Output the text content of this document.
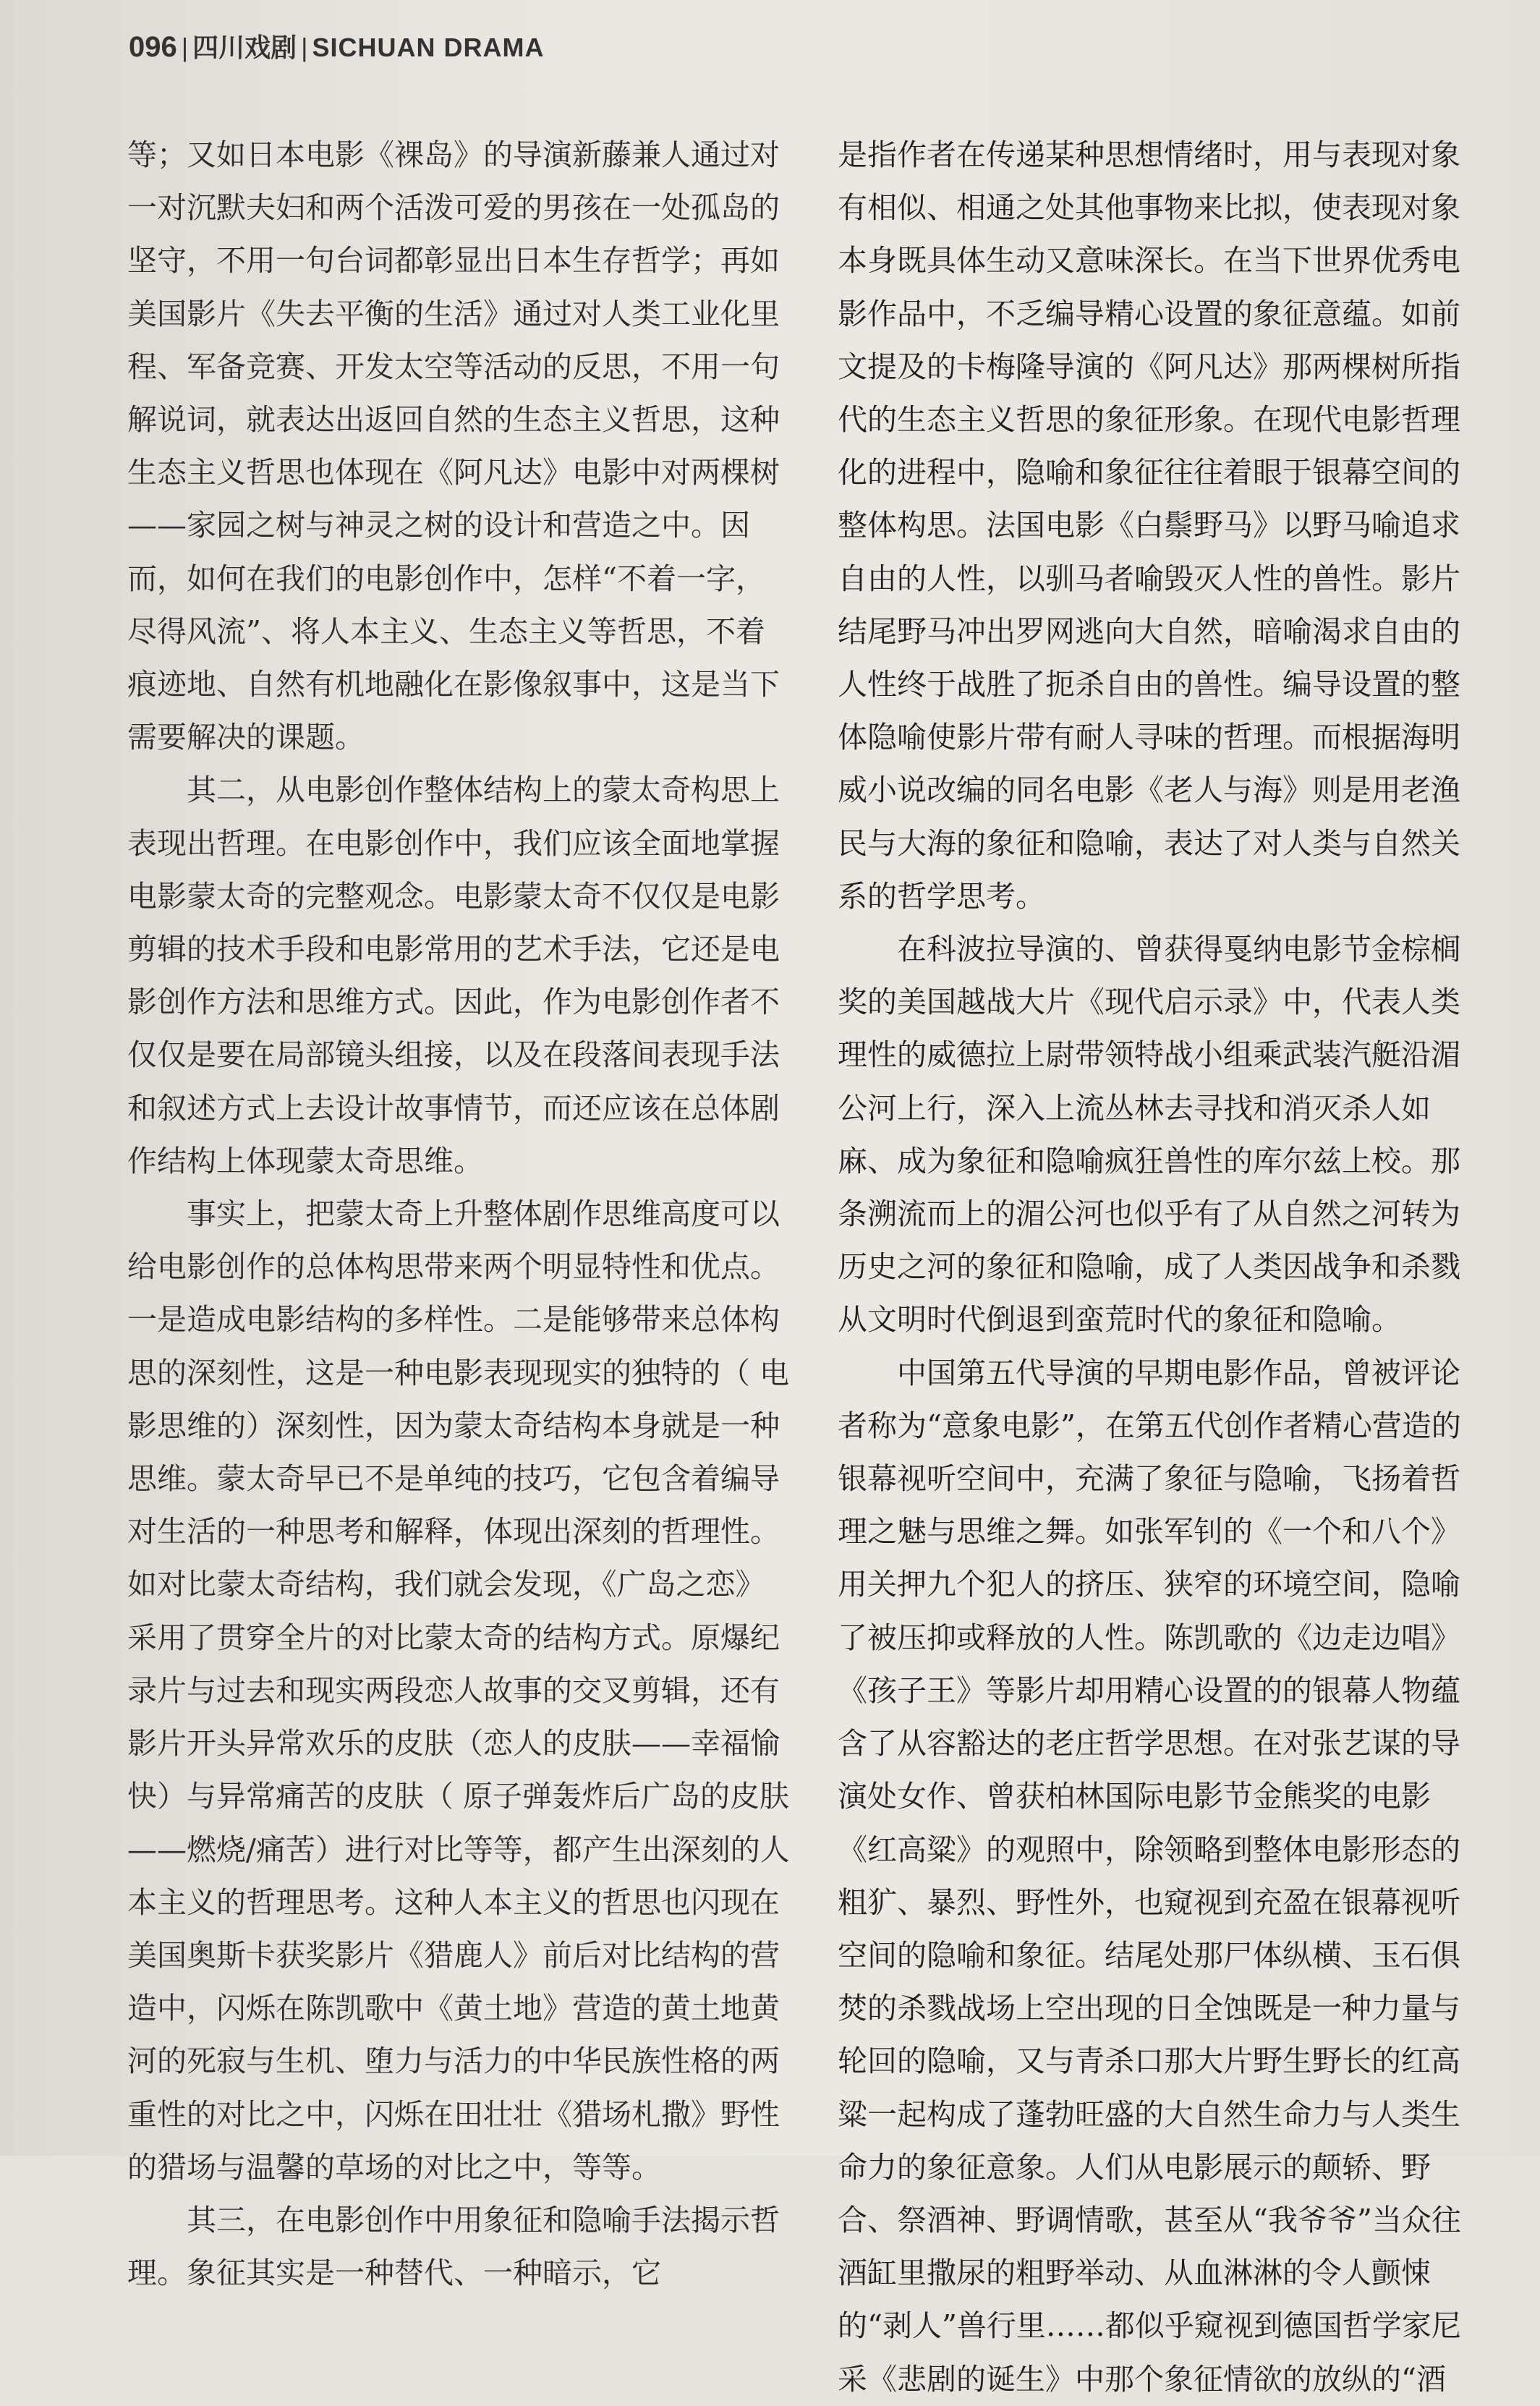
096 | 四川戏剧 | SICHUAN DRAMA

等；又如日本电影《裸岛》的导演新藤兼人通过对一对沉默夫妇和两个活泼可爱的男孩在一处孤岛的坚守，不用一句台词都彰显出日本生存哲学；再如美国影片《失去平衡的生活》通过对人类工业化里程、军备竞赛、开发太空等活动的反思，不用一句解说词，就表达出返回自然的生态主义哲思，这种生态主义哲思也体现在《阿凡达》电影中对两棵树——家园之树与神灵之树的设计和营造之中。因而，如何在我们的电影创作中，怎样“不着一字，尽得风流”、将人本主义、生态主义等哲思，不着痕迹地、自然有机地融化在影像叙事中，这是当下需要解决的课题。

其二，从电影创作整体结构上的蒙太奇构思上表现出哲理。在电影创作中，我们应该全面地掌握电影蒙太奇的完整观念。电影蒙太奇不仅仅是电影剪辑的技术手段和电影常用的艺术手法，它还是电影创作方法和思维方式。因此，作为电影创作者不仅仅是要在局部镜头组接，以及在段落间表现手法和叙述方式上去设计故事情节，而还应该在总体剧作结构上体现蒙太奇思维。

事实上，把蒙太奇上升整体剧作思维高度可以给电影创作的总体构思带来两个明显特性和优点。一是造成电影结构的多样性。二是能够带来总体构思的深刻性，这是一种电影表现现实的独特的（ 电影思维的）深刻性，因为蒙太奇结构本身就是一种思维。蒙太奇早已不是单纯的技巧，它包含着编导对生活的一种思考和解释，体现出深刻的哲理性。如对比蒙太奇结构，我们就会发现，《广岛之恋》采用了贯穿全片的对比蒙太奇的结构方式。原爆纪录片与过去和现实两段恋人故事的交叉剪辑，还有影片开头异常欢乐的皮肤（恋人的皮肤——幸福愉快）与异常痛苦的皮肤（ 原子弹轰炸后广岛的皮肤——燃烧/痛苦）进行对比等等，都产生出深刻的人本主义的哲理思考。这种人本主义的哲思也闪现在美国奥斯卡获奖影片《猎鹿人》前后对比结构的营造中，闪烁在陈凯歌中《黄土地》营造的黄土地黄河的死寂与生机、堕力与活力的中华民族性格的两重性的对比之中，闪烁在田壮壮《猎场札撒》野性的猎场与温馨的草场的对比之中，等等。

其三，在电影创作中用象征和隐喻手法揭示哲理。象征其实是一种替代、一种暗示，它

是指作者在传递某种思想情绪时，用与表现对象有相似、相通之处其他事物来比拟，使表现对象本身既具体生动又意味深长。在当下世界优秀电影作品中，不乏编导精心设置的象征意蕴。如前文提及的卡梅隆导演的《阿凡达》那两棵树所指代的生态主义哲思的象征形象。在现代电影哲理化的进程中，隐喻和象征往往着眼于银幕空间的整体构思。法国电影《白鬃野马》以野马喻追求自由的人性，以驯马者喻毁灭人性的兽性。影片结尾野马冲出罗网逃向大自然，暗喻渴求自由的人性终于战胜了扼杀自由的兽性。编导设置的整体隐喻使影片带有耐人寻味的哲理。而根据海明威小说改编的同名电影《老人与海》则是用老渔民与大海的象征和隐喻，表达了对人类与自然关系的哲学思考。

在科波拉导演的、曾获得戛纳电影节金棕榈奖的美国越战大片《现代启示录》中，代表人类理性的威德拉上尉带领特战小组乘武装汽艇沿湄公河上行，深入上流丛林去寻找和消灭杀人如麻、成为象征和隐喻疯狂兽性的库尔兹上校。那条溯流而上的湄公河也似乎有了从自然之河转为历史之河的象征和隐喻，成了人类因战争和杀戮从文明时代倒退到蛮荒时代的象征和隐喻。

中国第五代导演的早期电影作品，曾被评论者称为“意象电影”，在第五代创作者精心营造的银幕视听空间中，充满了象征与隐喻，飞扬着哲理之魅与思维之舞。如张军钊的《一个和八个》用关押九个犯人的挤压、狭窄的环境空间，隐喻了被压抑或释放的人性。陈凯歌的《边走边唱》《孩子王》等影片却用精心设置的的银幕人物蕴含了从容豁达的老庄哲学思想。在对张艺谋的导演处女作、曾获柏林国际电影节金熊奖的电影《红高粱》的观照中，除领略到整体电影形态的粗犷、暴烈、野性外，也窥视到充盈在银幕视听空间的隐喻和象征。结尾处那尸体纵横、玉石俱焚的杀戮战场上空出现的日全蚀既是一种力量与轮回的隐喻，又与青杀口那大片野生野长的红高粱一起构成了蓬勃旺盛的大自然生命力与人类生命力的象征意象。人们从电影展示的颠轿、野合、祭酒神、野调情歌，甚至从“我爷爷”当众往酒缸里撒尿的粗野举动、从血淋淋的令人颤悚的“剥人”兽行里……都似乎窥视到德国哲学家尼采《悲剧的诞生》中那个象征情欲的放纵的“酒
